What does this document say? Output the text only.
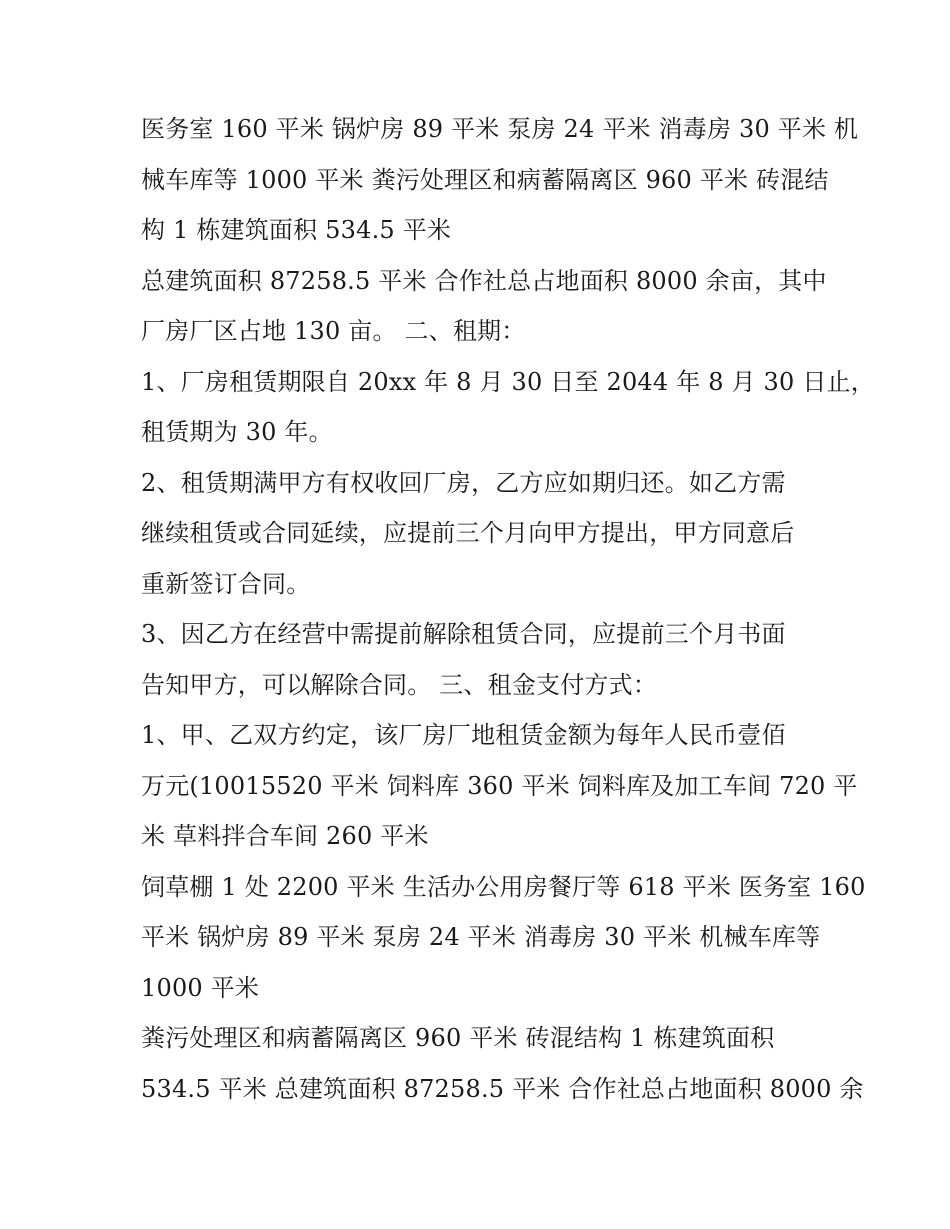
医务室 160 平米 锅炉房 89 平米 泵房 24 平米 消毒房 30 平米 机
械车库等 1000 平米 粪污处理区和病蓄隔离区 960 平米 砖混结
构 1 栋建筑面积 534.5 平米
总建筑面积 87258.5 平米 合作社总占地面积 8000 余亩，其中
厂房厂区占地 130 亩。 二、租期：
1、厂房租赁期限自 20xx 年 8 月 30 日至 2044 年 8 月 30 日止，
租赁期为 30 年。
2、租赁期满甲方有权收回厂房，乙方应如期归还。如乙方需
继续租赁或合同延续，应提前三个月向甲方提出，甲方同意后
重新签订合同。
3、因乙方在经营中需提前解除租赁合同，应提前三个月书面
告知甲方，可以解除合同。 三、租金支付方式：
1、甲、乙双方约定，该厂房厂地租赁金额为每年人民币壹佰
万元(10015520 平米 饲料库 360 平米 饲料库及加工车间 720 平
米 草料拌合车间 260 平米
饲草棚 1 处 2200 平米 生活办公用房餐厅等 618 平米 医务室 160
平米 锅炉房 89 平米 泵房 24 平米 消毒房 30 平米 机械车库等
1000 平米
粪污处理区和病蓄隔离区 960 平米 砖混结构 1 栋建筑面积
534.5 平米 总建筑面积 87258.5 平米 合作社总占地面积 8000 余
